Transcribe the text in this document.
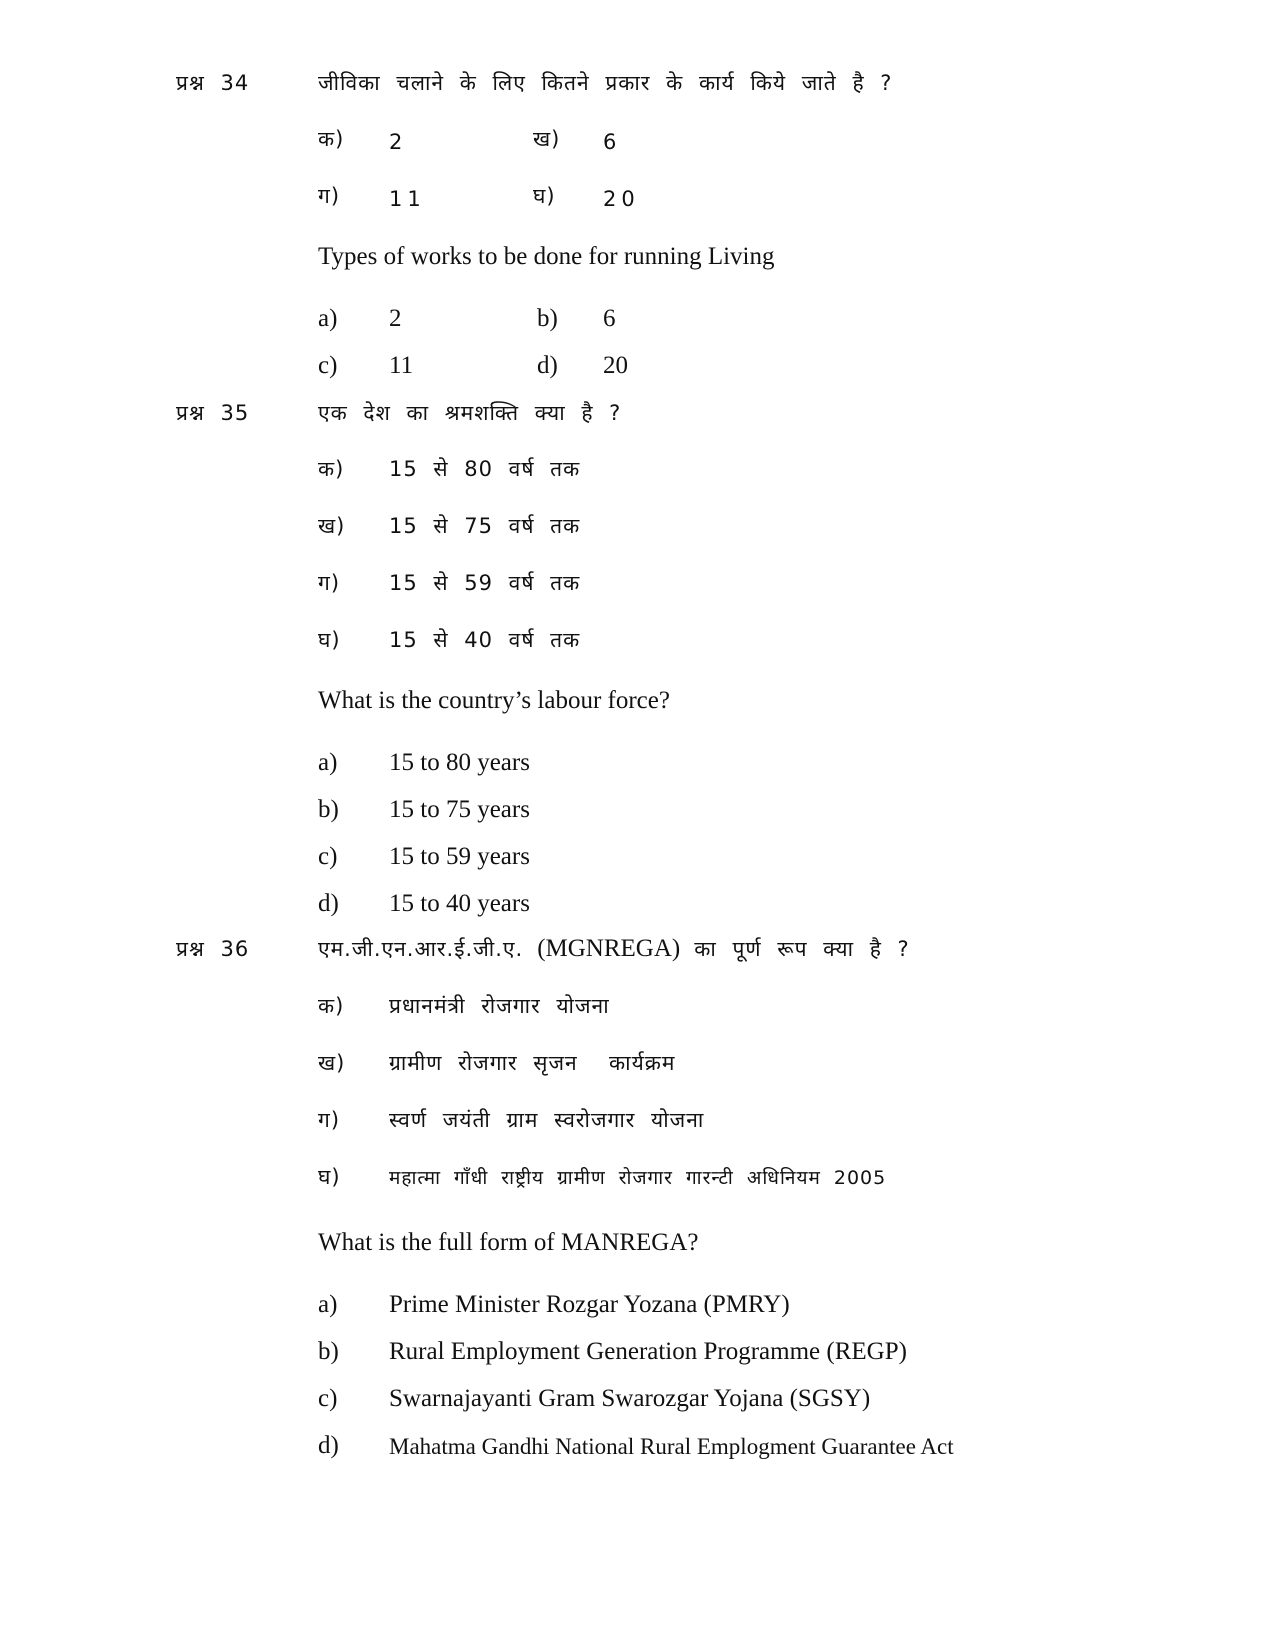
प्रश्न 34	जीविका चलाने के लिए कितने प्रकार के कार्य किये जाते है ?
क) 2	ख) 6
ग) 11	घ) 20
Types of works to be done for running Living
a) 2	b) 6
c) 11	d) 20
प्रश्न 35	एक देश का श्रमशक्ति क्या है ?
क) 15 से 80 वर्ष तक
ख) 15 से 75 वर्ष तक
ग) 15 से 59 वर्ष तक
घ) 15 से 40 वर्ष तक
What is the country’s labour force?
a) 15 to 80 years
b) 15 to 75 years
c) 15 to 59 years
d) 15 to 40 years
प्रश्न 36	एम.जी.एन.आर.ई.जी.ए. (MGNREGA) का पूर्ण रूप क्या है ?
क) प्रधानमंत्री रोजगार योजना
ख) ग्रामीण रोजगार सृजन  कार्यक्रम
ग) स्वर्ण जयंती ग्राम स्वरोजगार योजना
घ)	महात्मा गाँधी राष्ट्रीय ग्रामीण रोजगार गारन्टी अधिनियम 2005
What is the full form of MANREGA?
a) Prime Minister Rozgar Yozana (PMRY)
b) Rural Employment Generation Programme (REGP)
c) Swarnajayanti Gram Swarozgar Yojana (SGSY)
d) Mahatma Gandhi National Rural Emplogment Guarantee Act
